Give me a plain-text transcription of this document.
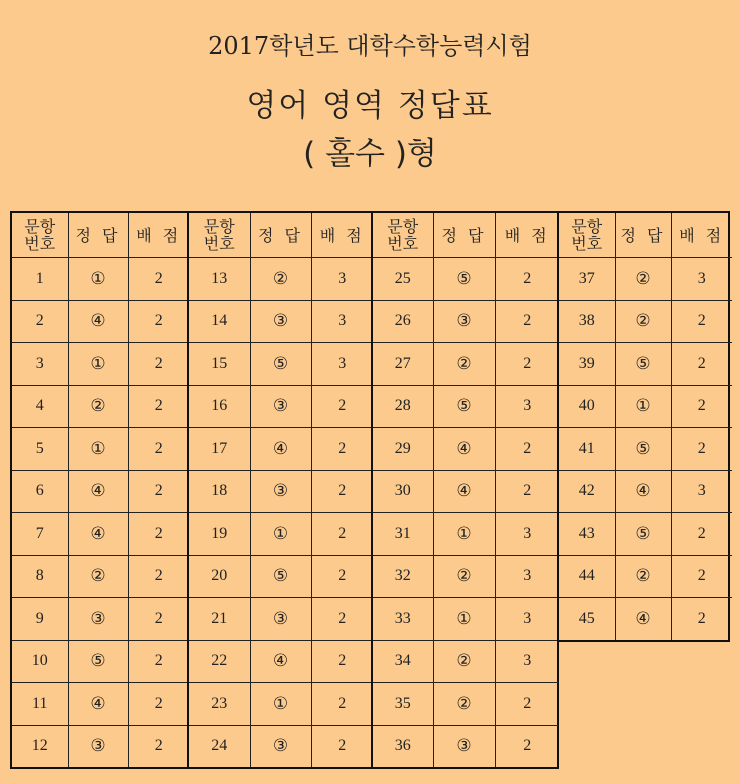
2017학년도 대학수학능력시험
영어 영역 정답표
( 홀수 )형
문항
번호	정 답	배 점
1	①	2
2	④	2
3	①	2
4	②	2
5	①	2
6	④	2
7	④	2
8	②	2
9	③	2
10	⑤	2
11	④	2
12	③	2
문항
번호	정 답	배 점
13	②	3
14	③	3
15	⑤	3
16	③	2
17	④	2
18	③	2
19	①	2
20	⑤	2
21	③	2
22	④	2
23	①	2
24	③	2
문항
번호	정 답	배 점
25	⑤	2
26	③	2
27	②	2
28	⑤	3
29	④	2
30	④	2
31	①	3
32	②	3
33	①	3
34	②	3
35	②	2
36	③	2
문항
번호	정 답	배 점
37	②	3
38	②	2
39	⑤	2
40	①	2
41	⑤	2
42	④	3
43	⑤	2
44	②	2
45	④	2
